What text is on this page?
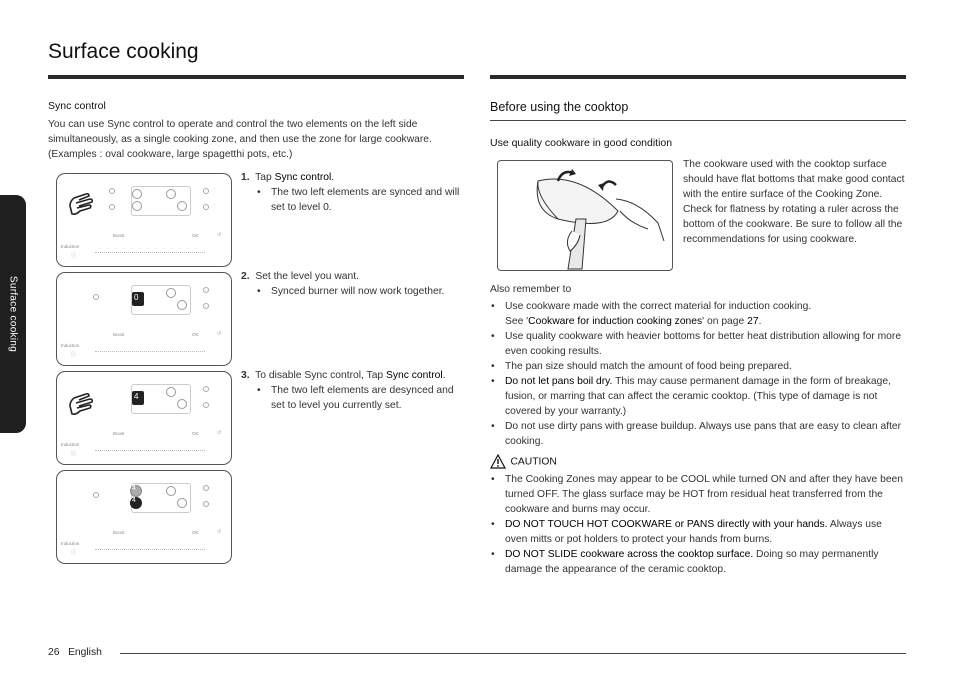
Surface cooking
Surface cooking
Sync control
You can use Sync control to operate and control the two elements on the left side simultaneously, as a single cooking zone, and then use the zone for large cookware. (Examples : oval cookware, large spagetthi pots, etc.)
Boost	OK
Induction
ⓘ
↺
0
Boost	OK
Induction
ⓘ
↺
4
Boost	OK
Induction
ⓘ
↺
4
4
Boost	OK
Induction
ⓘ
↺
1. Tap Sync control.
• The two left elements are synced and will set to level 0.
2. Set the level you want.
• Synced burner will now work together.
3. To disable Sync control, Tap Sync control.
• The two left elements are desynced and set to level you currently set.
Before using the cooktop
Use quality cookware in good condition
The cookware used with the cooktop surface should have flat bottoms that make good contact with the entire surface of the Cooking Zone. Check for flatness by rotating a ruler across the bottom of the cookware. Be sure to follow all the recommendations for using cookware.
Also remember to
• Use cookware made with the correct material for induction cooking.
See 'Cookware for induction cooking zones' on page 27.
• Use quality cookware with heavier bottoms for better heat distribution allowing for more even cooking results.
• The pan size should match the amount of food being prepared.
• Do not let pans boil dry. This may cause permanent damage in the form of breakage, fusion, or marring that can affect the ceramic cooktop. (This type of damage is not covered by your warranty.)
• Do not use dirty pans with grease buildup. Always use pans that are easy to clean after cooking.
CAUTION
• The Cooking Zones may appear to be COOL while turned ON and after they have been turned OFF. The glass surface may be HOT from residual heat transferred from the cookware and burns may occur.
• DO NOT TOUCH HOT COOKWARE or PANS directly with your hands. Always use oven mitts or pot holders to protect your hands from burns.
• DO NOT SLIDE cookware across the cooktop surface. Doing so may permanently damage the appearance of the ceramic cooktop.
26 English
